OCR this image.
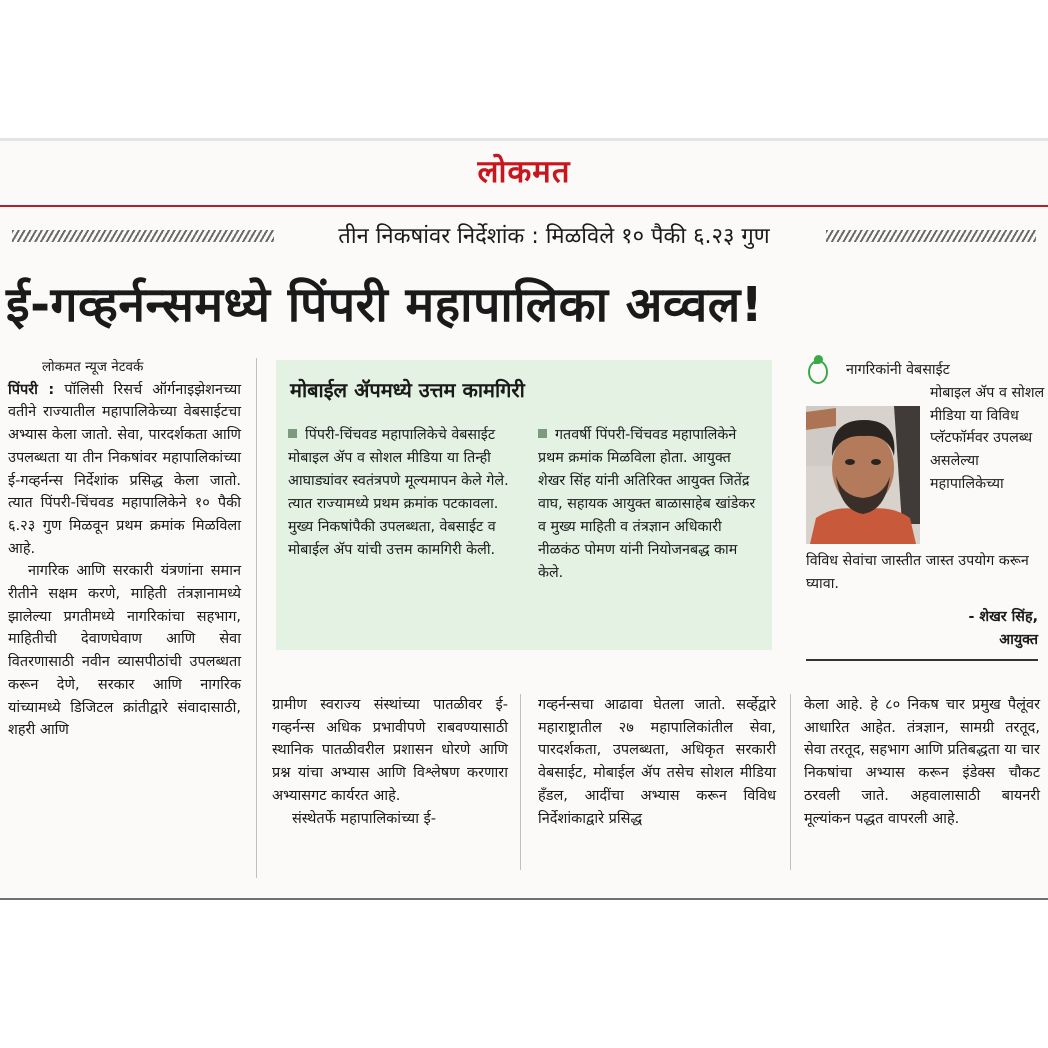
लोकमत
तीन निकषांवर निर्देशांक : मिळविले १० पैकी ६.२३ गुण
ई-गव्हर्नन्समध्ये पिंपरी महापालिका अव्वल!

लोकमत न्यूज नेटवर्क

पिंपरी : पॉलिसी रिसर्च ऑर्गनाइझेशनच्या वतीने राज्यातील महापालिकेच्या वेबसाईटचा अभ्यास केला जातो. सेवा, पारदर्शकता आणि उपलब्धता या तीन निकषांवर महापालिकांच्या ई-गव्हर्नन्स निर्देशांक प्रसिद्ध केला जातो. त्यात पिंपरी-चिंचवड महापालिकेने १० पैकी ६.२३ गुण मिळवून प्रथम क्रमांक मिळविला आहे.

नागरिक आणि सरकारी यंत्रणांना समान रीतीने सक्षम करणे, माहिती तंत्रज्ञानामध्ये झालेल्या प्रगतीमध्ये नागरिकांचा सहभाग, माहितीची देवाणघेवाण आणि सेवा वितरणासाठी नवीन व्यासपीठांची उपलब्धता करून देणे, सरकार आणि नागरिक यांच्यामध्ये डिजिटल क्रांतीद्वारे संवादासाठी, शहरी आणि

मोबाईल ॲपमध्ये उत्तम कामगिरी
पिंपरी-चिंचवड महापालिकेचे वेबसाईट मोबाइल ॲप व सोशल मीडिया या तिन्ही आघाड्यांवर स्वतंत्रपणे मूल्यमापन केले गेले. त्यात राज्यामध्ये प्रथम क्रमांक पटकावला. मुख्य निकषांपैकी उपलब्धता, वेबसाईट व मोबाईल ॲप यांची उत्तम कामगिरी केली.
गतवर्षी पिंपरी-चिंचवड महापालिकेने प्रथम क्रमांक मिळविला होता. आयुक्त शेखर सिंह यांनी अतिरिक्त आयुक्त जितेंद्र वाघ, सहायक आयुक्त बाळासाहेब खांडेकर व मुख्य माहिती व तंत्रज्ञान अधिकारी नीळकंठ पोमण यांनी नियोजनबद्ध काम केले.
नागरिकांनी वेबसाईट
मोबाइल ॲप व सोशल मीडिया या विविध प्लॅटफॉर्मवर उपलब्ध असलेल्या महापालिकेच्या
विविध सेवांचा जास्तीत जास्त उपयोग करून घ्यावा.
- शेखर सिंह,
आयुक्त

ग्रामीण स्वराज्य संस्थांच्या पातळीवर ई-गव्हर्नन्स अधिक प्रभावीपणे राबवण्यासाठी स्थानिक पातळीवरील प्रशासन धोरणे आणि प्रश्न यांचा अभ्यास आणि विश्लेषण करणारा अभ्यासगट कार्यरत आहे.

संस्थेतर्फे महापालिकांच्या ई-

गव्हर्नन्सचा आढावा घेतला जातो. सर्व्हेद्वारे महाराष्ट्रातील २७ महापालिकांतील सेवा, पारदर्शकता, उपलब्धता, अधिकृत सरकारी वेबसाईट, मोबाईल ॲप तसेच सोशल मीडिया हँडल, आदींचा अभ्यास करून विविध निर्देशांकाद्वारे प्रसिद्ध

केला आहे. हे ८० निकष चार प्रमुख पैलूंवर आधारित आहेत. तंत्रज्ञान, सामग्री तरतूद, सेवा तरतूद, सहभाग आणि प्रतिबद्धता या चार निकषांचा अभ्यास करून इंडेक्स चौकट ठरवली जाते. अहवालासाठी बायनरी मूल्यांकन पद्धत वापरली आहे.
